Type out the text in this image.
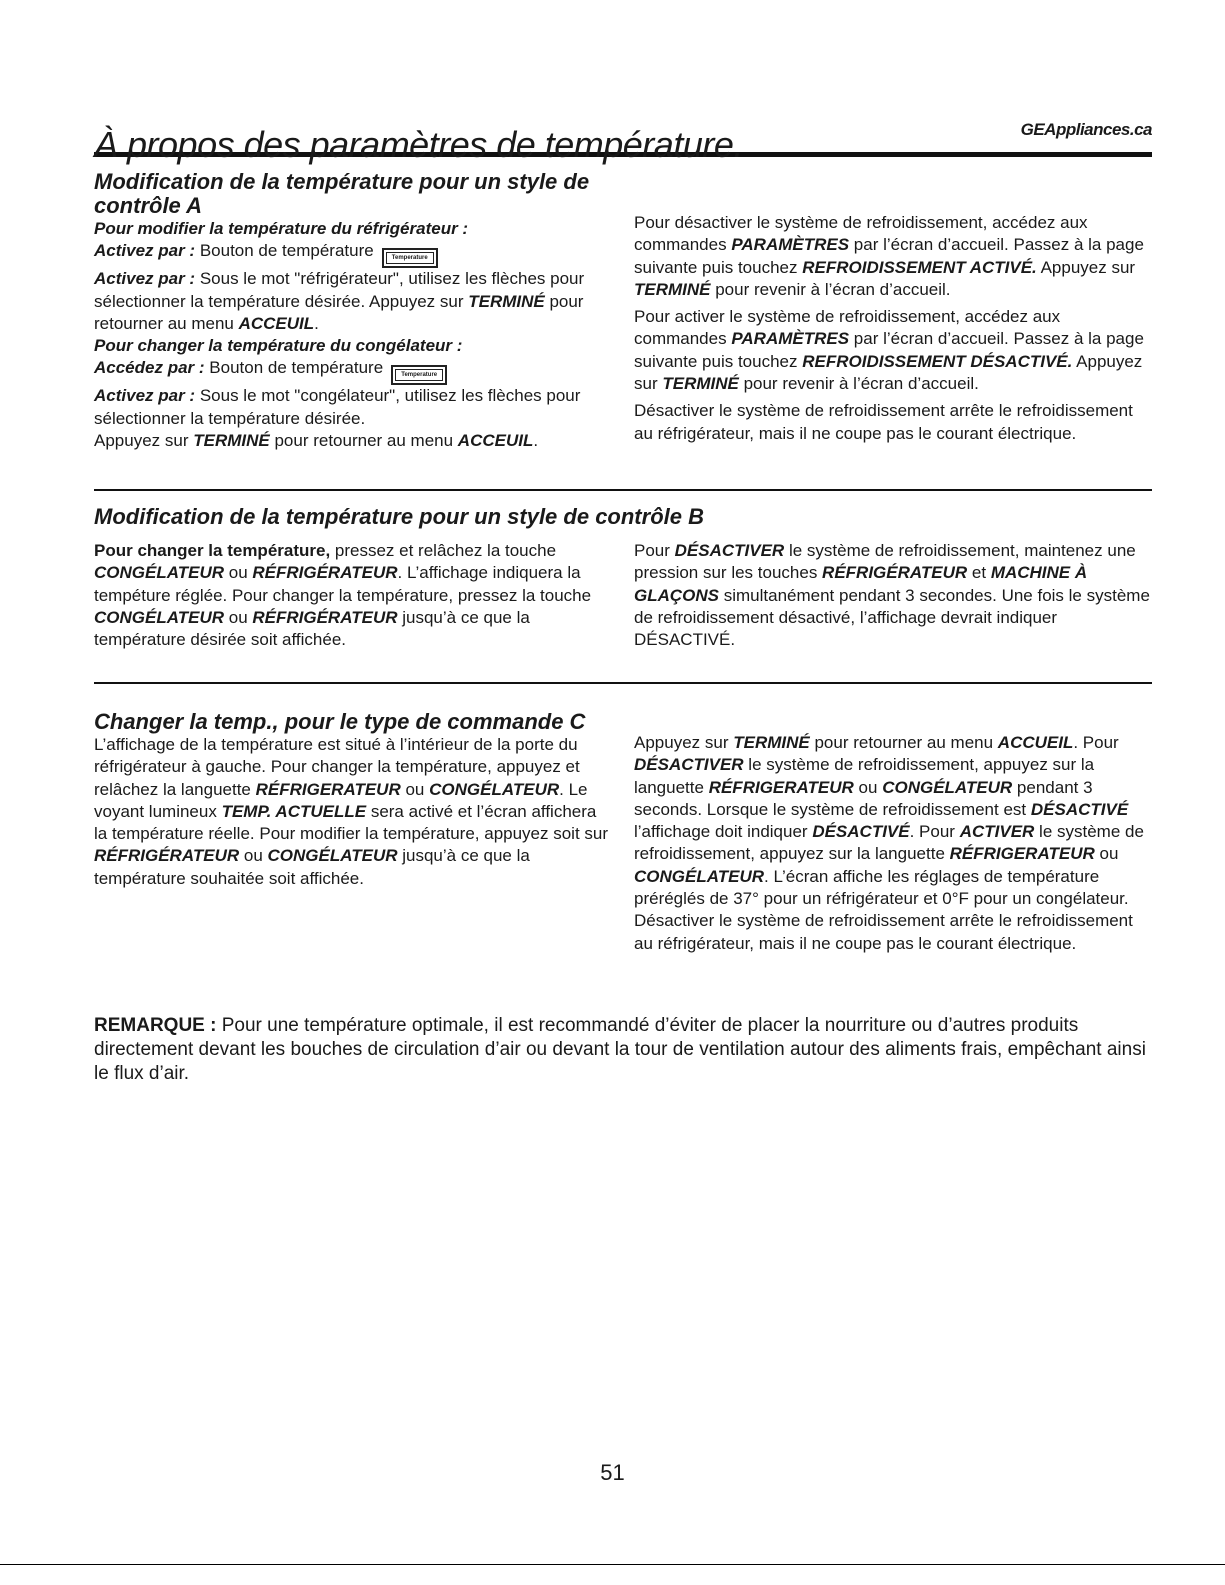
À propos des paramètres de température.	GEAppliances.ca
Modification de la température pour un style de contrôle A

Pour modifier la température du réfrigérateur :
Activez par : Bouton de température	Temperature
Activez par : Sous le mot "réfrigérateur", utilisez les flèches pour sélectionner la température désirée. Appuyez sur TERMINÉ pour retourner au menu ACCEUIL.
Pour changer la température du congélateur :
Accédez par : Bouton de température	Temperature
Activez par : Sous le mot "congélateur", utilisez les flèches pour sélectionner la température désirée.
Appuyez sur TERMINÉ pour retourner au menu ACCEUIL.

Pour désactiver le système de refroidissement, accédez aux commandes PARAMÈTRES par l’écran d’accueil. Passez à la page suivante puis touchez REFROIDISSEMENT ACTIVÉ. Appuyez sur TERMINÉ pour revenir à l’écran d’accueil.

Pour activer le système de refroidissement, accédez aux commandes PARAMÈTRES par l’écran d’accueil. Passez à la page suivante puis touchez REFROIDISSEMENT DÉSACTIVÉ. Appuyez sur TERMINÉ pour revenir à l’écran d’accueil.

Désactiver le système de refroidissement arrête le refroidissement au réfrigérateur, mais il ne coupe pas le courant électrique.

Modification de la température pour un style de contrôle B

Pour changer la température, pressez et relâchez la touche CONGÉLATEUR ou RÉFRIGÉRATEUR. L’affichage indiquera la tempéture réglée. Pour changer la température, pressez la touche CONGÉLATEUR ou RÉFRIGÉRATEUR jusqu’à ce que la température désirée soit affichée.

Pour DÉSACTIVER le système de refroidissement, maintenez une pression sur les touches RÉFRIGÉRATEUR et MACHINE À GLAÇONS simultanément pendant 3 secondes. Une fois le système de refroidissement désactivé, l’affichage devrait indiquer DÉSACTIVÉ.

Changer la temp., pour le type de commande C

L’affichage de la température est situé à l’intérieur de la porte du réfrigérateur à gauche. Pour changer la température, appuyez et relâchez la languette RÉFRIGERATEUR ou CONGÉLATEUR. Le voyant lumineux TEMP. ACTUELLE sera activé et l’écran affichera la température réelle. Pour modifier la température, appuyez soit sur RÉFRIGÉRATEUR ou CONGÉLATEUR jusqu’à ce que la température souhaitée soit affichée.

Appuyez sur TERMINÉ pour retourner au menu ACCUEIL. Pour DÉSACTIVER le système de refroidissement, appuyez sur la languette RÉFRIGERATEUR ou CONGÉLATEUR pendant 3 seconds. Lorsque le système de refroidissement est DÉSACTIVÉ l’affichage doit indiquer DÉSACTIVÉ. Pour ACTIVER le système de refroidissement, appuyez sur la languette RÉFRIGERATEUR ou CONGÉLATEUR. L’écran affiche les réglages de température préréglés de 37° pour un réfrigérateur et 0°F pour un congélateur. Désactiver le système de refroidissement arrête le refroidissement au réfrigérateur, mais il ne coupe pas le courant électrique.

REMARQUE : Pour une température optimale, il est recommandé d’éviter de placer la nourriture ou d’autres produits directement devant les bouches de circulation d’air ou devant la tour de ventilation autour des aliments frais, empêchant ainsi le flux d’air.
51
